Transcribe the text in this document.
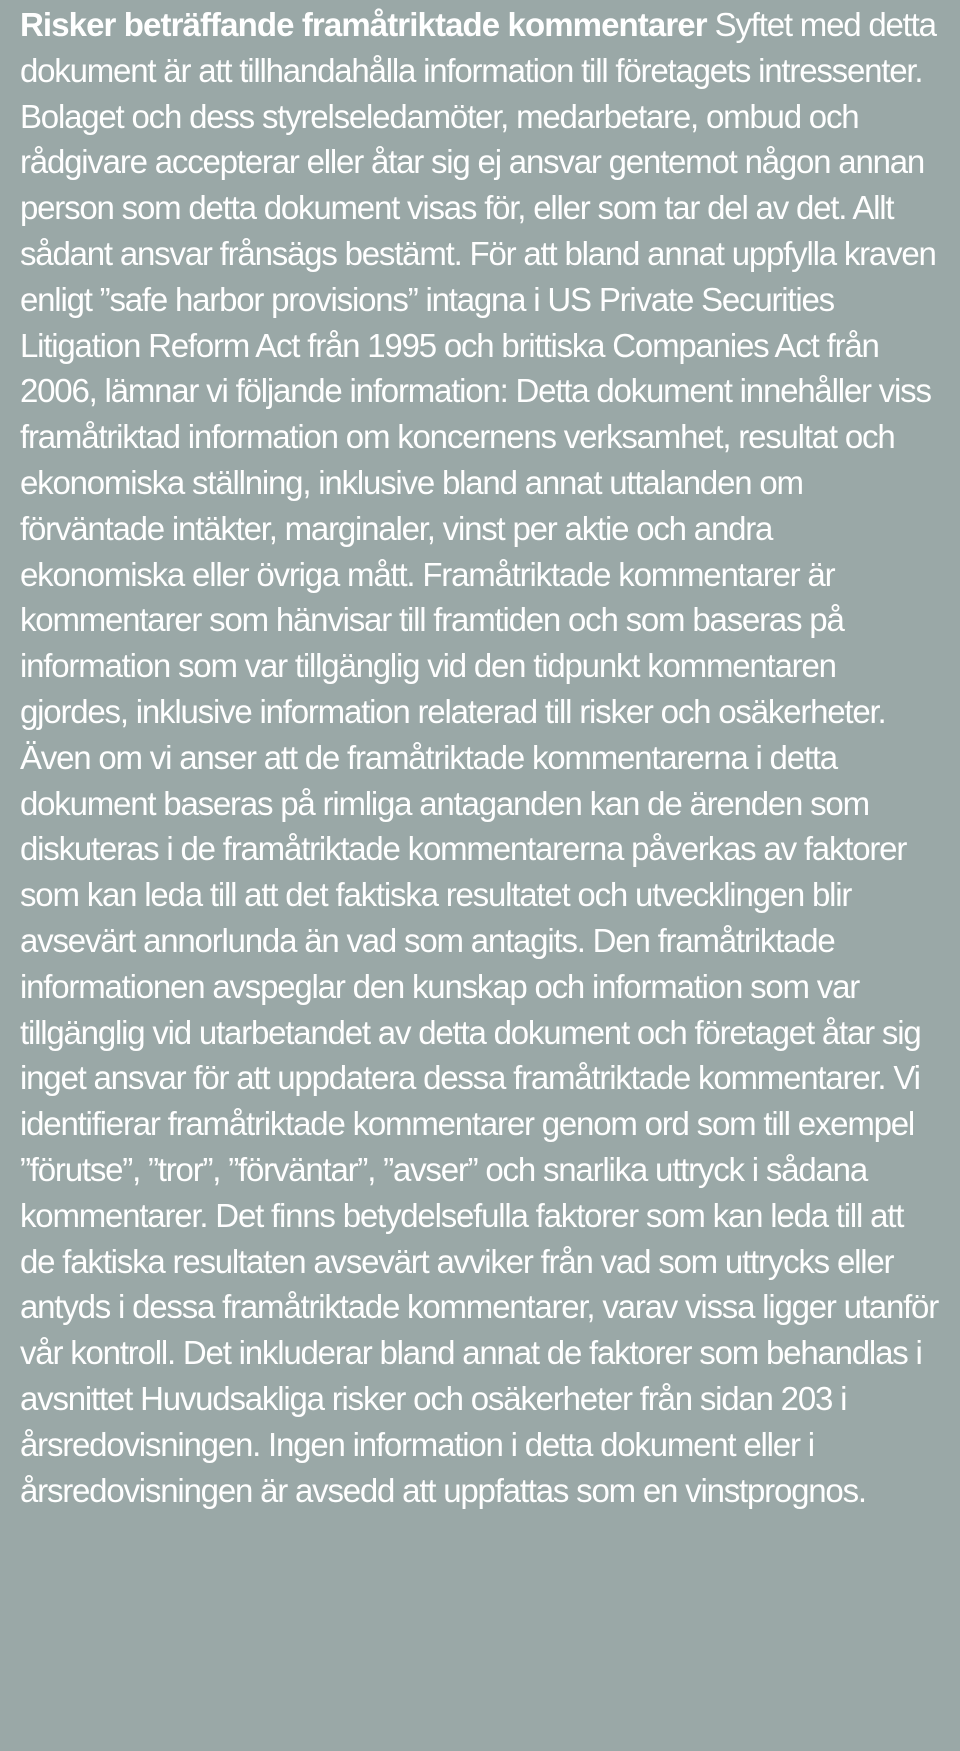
Risker beträffande framåtriktade kommentarer Syftet med detta dokument är att tillhandahålla information till företagets intressenter. Bolaget och dess styrelseledamöter, medarbetare, ombud och rådgivare accepterar eller åtar sig ej ansvar gentemot någon annan person som detta dokument visas för, eller som tar del av det. Allt sådant ansvar frånsägs bestämt. För att bland annat uppfylla kraven enligt ”safe harbor provisions” intagna i US Private Securities Litigation Reform Act från 1995 och brittiska Companies Act från 2006, lämnar vi följande information: Detta dokument innehåller viss framåtriktad information om koncernens verksamhet, resultat och ekonomiska ställning, inklusive bland annat uttalanden om förväntade intäkter, marginaler, vinst per aktie och andra ekonomiska eller övriga mått. Framåtriktade kommentarer är kommentarer som hänvisar till framtiden och som baseras på information som var tillgänglig vid den tidpunkt kommentaren gjordes, inklusive information relaterad till risker och osäkerheter. Även om vi anser att de framåtriktade kommentarerna i detta dokument baseras på rimliga antaganden kan de ärenden som diskuteras i de framåtriktade kommentarerna påverkas av faktorer som kan leda till att det faktiska resultatet och utvecklingen blir avsevärt annorlunda än vad som antagits. Den framåtriktade informationen avspeglar den kunskap och information som var tillgänglig vid utarbetandet av detta dokument och företaget åtar sig inget ansvar för att uppdatera dessa framåtriktade kommentarer. Vi identifierar framåtriktade kommentarer genom ord som till exempel ”förutse”, ”tror”, ”förväntar”, ”avser” och snarlika uttryck i sådana kommentarer. Det finns betydelsefulla faktorer som kan leda till att de faktiska resultaten avsevärt avviker från vad som uttrycks eller antyds i dessa framåtriktade kommentarer, varav vissa ligger utanför vår kontroll. Det inkluderar bland annat de faktorer som behandlas i avsnittet Huvudsakliga risker och osäkerheter från sidan 203 i årsredovisningen. Ingen information i detta dokument eller i årsredovisningen är avsedd att uppfattas som en vinstprognos.
